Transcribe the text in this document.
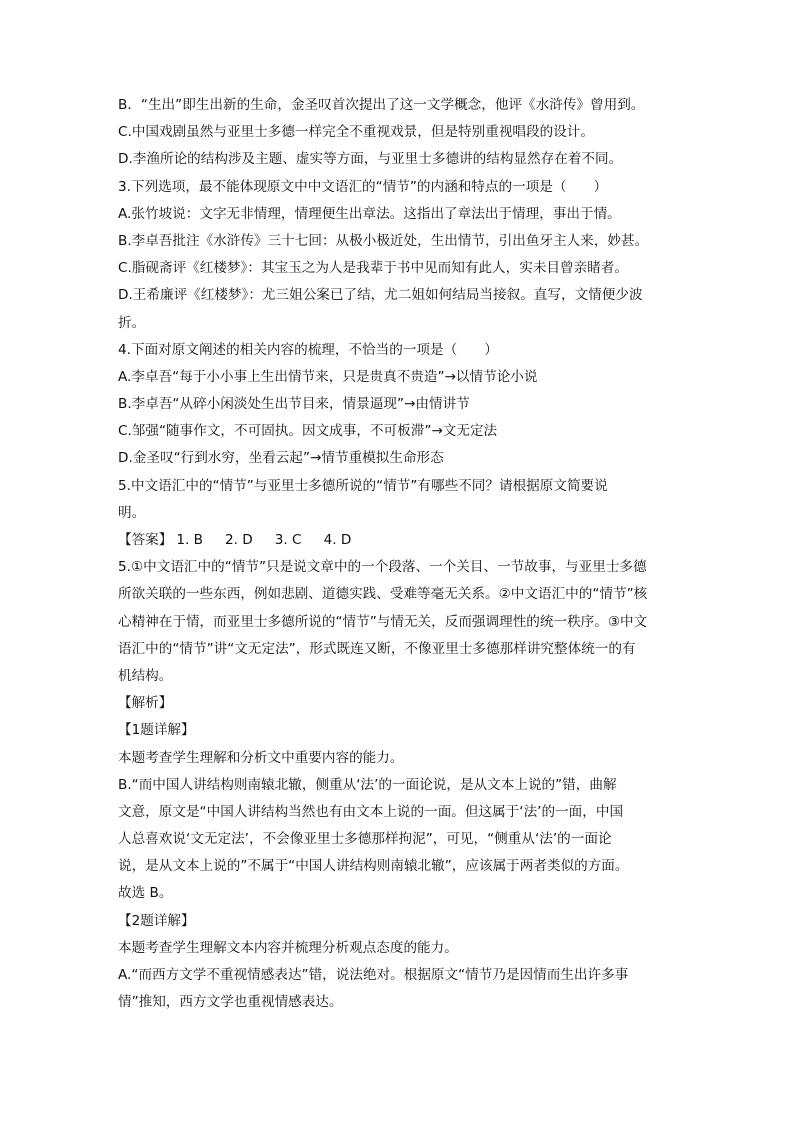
B．“生出”即生出新的生命，金圣叹首次提出了这一文学概念，他评《水浒传》曾用到。
C.中国戏剧虽然与亚里士多德一样完全不重视戏景，但是特别重视唱段的设计。
D.李渔所论的结构涉及主题、虚实等方面，与亚里士多德讲的结构显然存在着不同。
3.下列选项，最不能体现原文中中文语汇的“情节”的内涵和特点的一项是（　　）
A.张竹坡说：文字无非情理，情理便生出章法。这指出了章法出于情理，事出于情。
B.李卓吾批注《水浒传》三十七回：从极小极近处，生出情节，引出鱼牙主人来，妙甚。
C.脂砚斋评《红楼梦》：其宝玉之为人是我辈于书中见而知有此人，实未目曾亲睹者。
D.王希廉评《红楼梦》：尤三姐公案已了结，尤二姐如何结局当接叙。直写，文情便少波
折。
4.下面对原文阐述的相关内容的梳理，不恰当的一项是（　　）
A.李卓吾“每于小小事上生出情节来，只是贵真不贵造”→以情节论小说
B.李卓吾“从碎小闲淡处生出节目来，情景逼现”→由情讲节
C.邹强“随事作文，不可固执。因文成事，不可板滞”→文无定法
D.金圣叹“行到水穷，坐看云起”→情节重模拟生命形态
5.中文语汇中的“情节”与亚里士多德所说的“情节”有哪些不同？请根据原文简要说
明。
【答案】 1. B 2. D 3. C 4. D
5.①中文语汇中的“情节”只是说文章中的一个段落、一个关目、一节故事，与亚里士多德
所欲关联的一些东西，例如悲剧、道德实践、受难等毫无关系。②中文语汇中的“情节”核
心精神在于情，而亚里士多德所说的“情节”与情无关，反而强调理性的统一秩序。③中文
语汇中的“情节”讲“文无定法”，形式既连又断，不像亚里士多德那样讲究整体统一的有
机结构。
【解析】
【1题详解】
本题考查学生理解和分析文中重要内容的能力。
B.“而中国人讲结构则南辕北辙，侧重从‘法’的一面论说，是从文本上说的”错，曲解
文意，原文是“中国人讲结构当然也有由文本上说的一面。但这属于‘法’的一面，中国
人总喜欢说‘文无定法’，不会像亚里士多德那样拘泥”，可见，“侧重从‘法’的一面论
说，是从文本上说的”不属于“中国人讲结构则南辕北辙”，应该属于两者类似的方面。
故选 B。
【2题详解】
本题考查学生理解文本内容并梳理分析观点态度的能力。
A.“而西方文学不重视情感表达”错，说法绝对。根据原文“情节乃是因情而生出许多事
情”推知，西方文学也重视情感表达。
